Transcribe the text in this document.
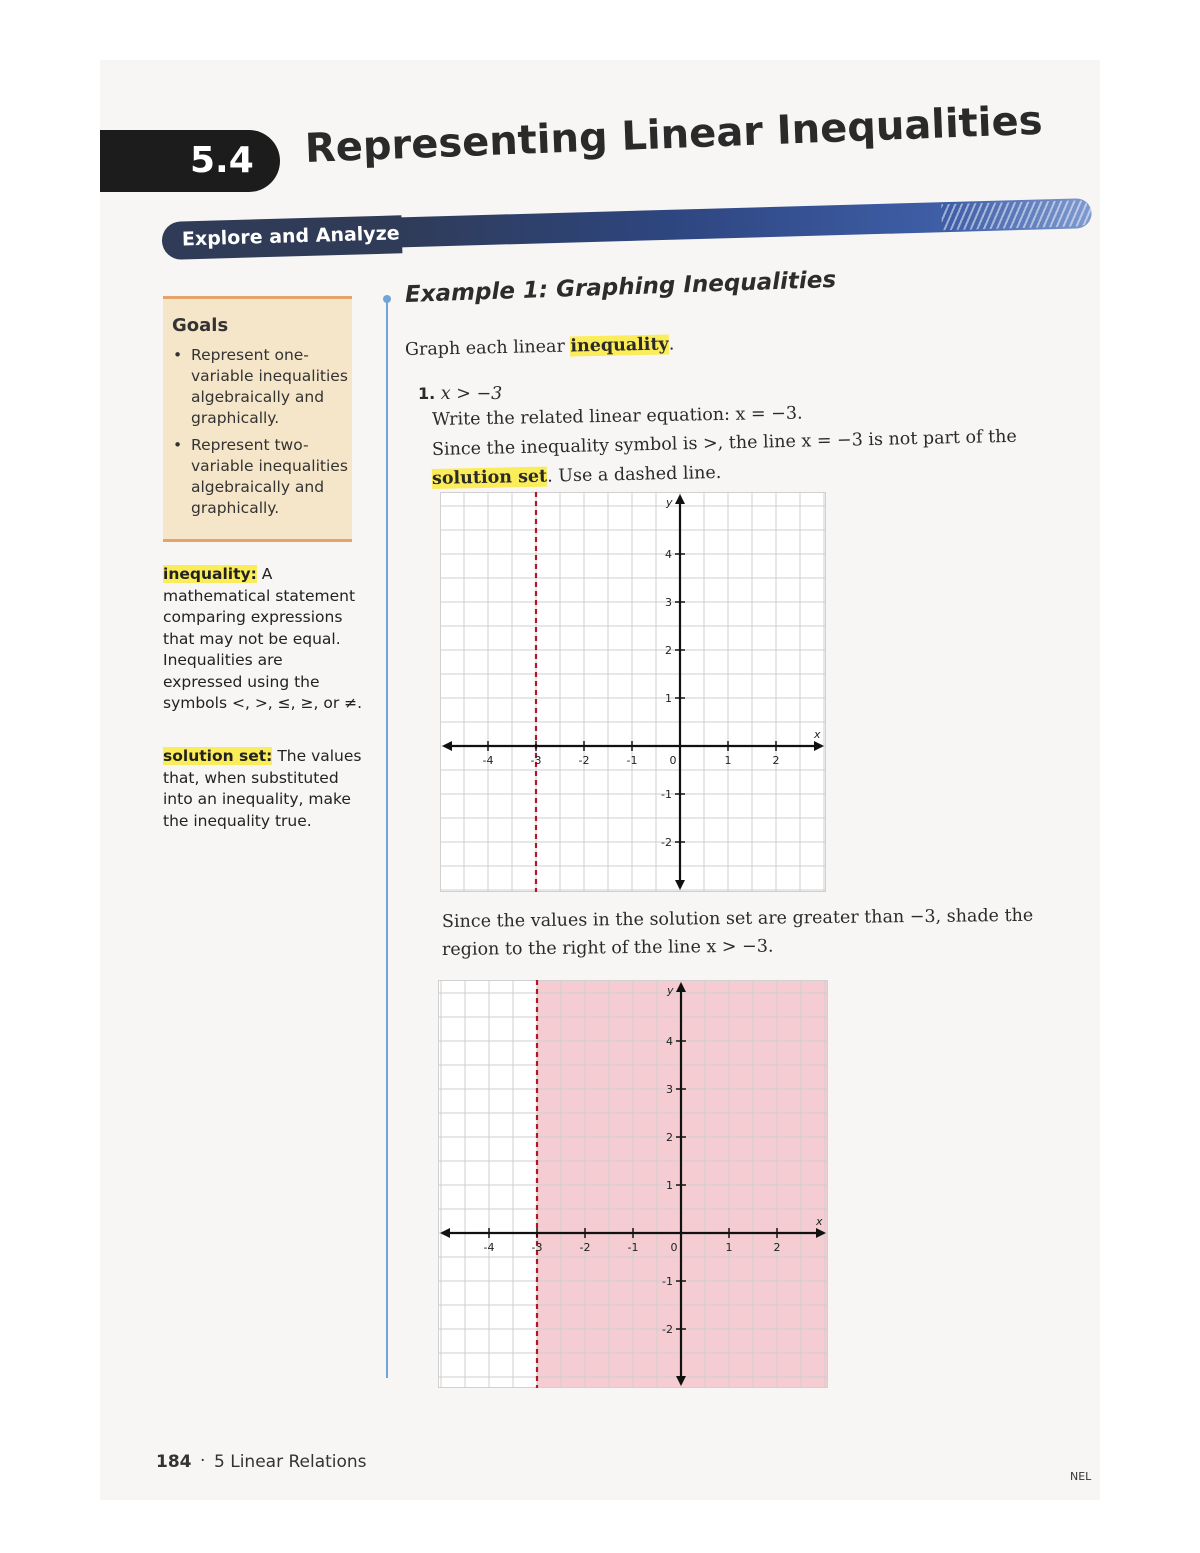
5.4 Representing Linear Inequalities
Explore and Analyze
Goals
• Represent one-variable inequalities algebraically and graphically.
• Represent two-variable inequalities algebraically and graphically.
inequality: A mathematical statement comparing expressions that may not be equal. Inequalities are expressed using the symbols <, >, ≤, ≥, or ≠.
solution set: The values that, when substituted into an inequality, make the inequality true.
Example 1: Graphing Inequalities
Graph each linear inequality.
1. x > −3
Write the related linear equation: x = −3.
Since the inequality symbol is >, the line x = −3 is not part of the
solution set. Use a dashed line.
-4	-3	-2	-1	0	1	2
4
3
2
1
-1
-2
x
y
Since the values in the solution set are greater than −3, shade the
region to the right of the line x > −3.
-4	-3	-2	-1	0	1	2
4
3
2
1
-1
-2
x
y
184 · 5 Linear Relations
NEL
